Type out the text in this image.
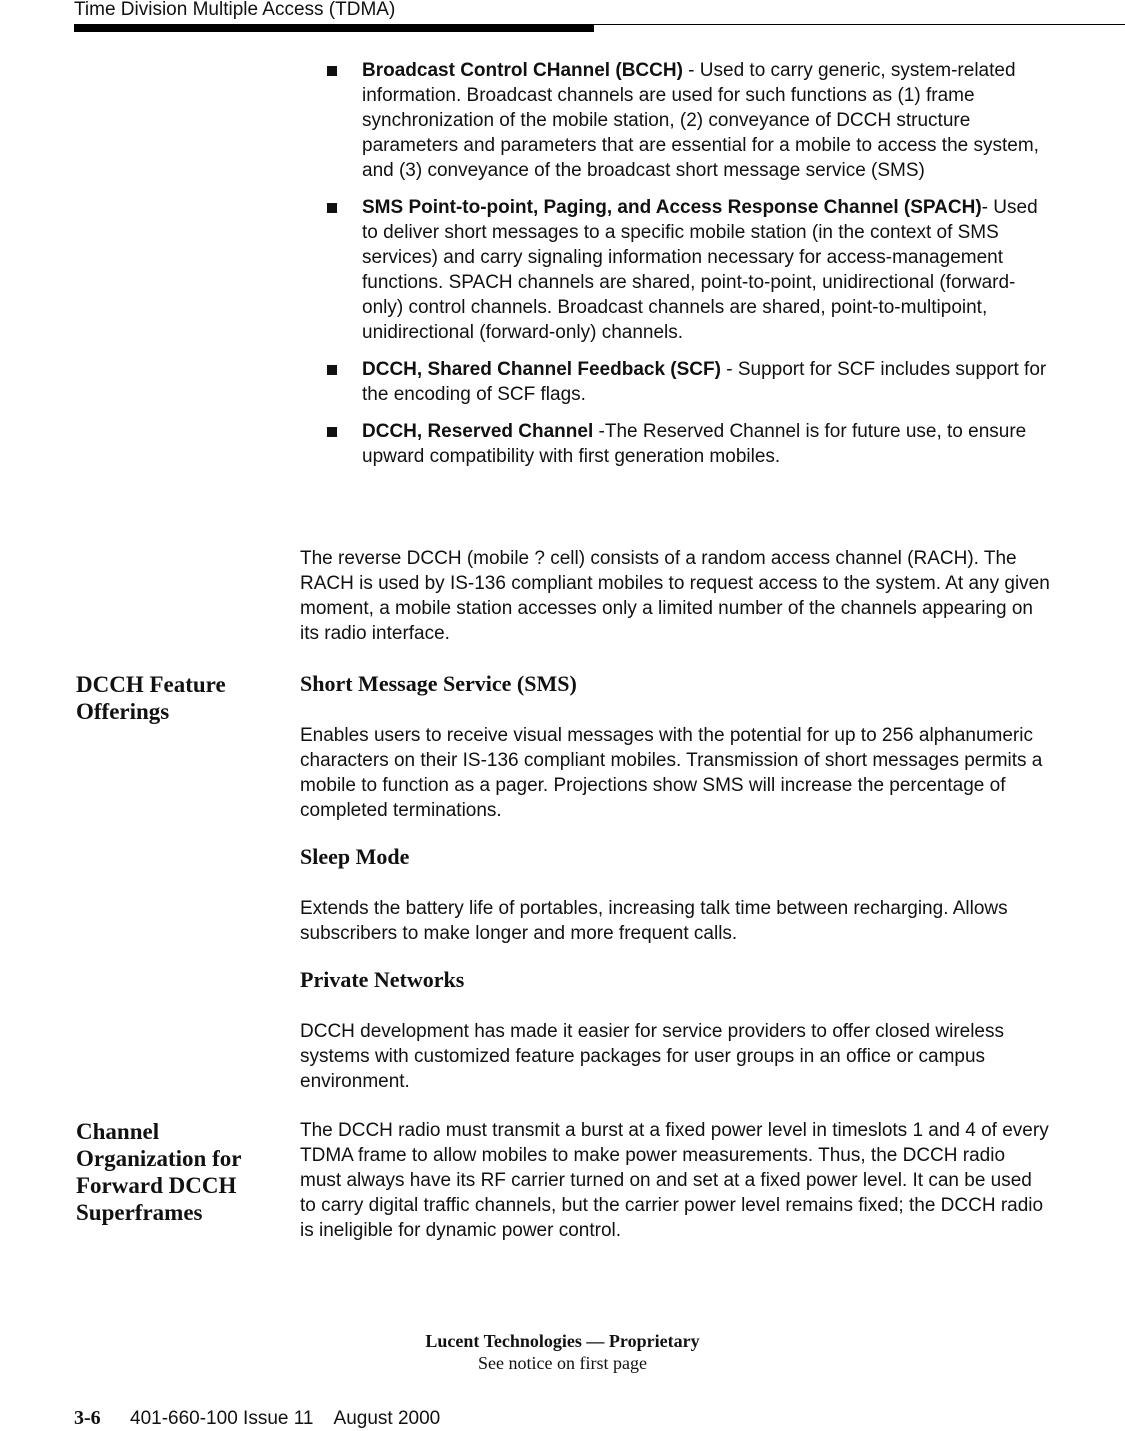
Time Division Multiple Access (TDMA)
Broadcast Control CHannel (BCCH) - Used to carry generic, system-related information. Broadcast channels are used for such functions as (1) frame synchronization of the mobile station, (2) conveyance of DCCH structure parameters and parameters that are essential for a mobile to access the system, and (3) conveyance of the broadcast short message service (SMS)
SMS Point-to-point, Paging, and Access Response Channel (SPACH)- Used to deliver short messages to a specific mobile station (in the context of SMS services) and carry signaling information necessary for access-management functions. SPACH channels are shared, point-to-point, unidirectional (forward-only) control channels. Broadcast channels are shared, point-to-multipoint, unidirectional (forward-only) channels.
DCCH, Shared Channel Feedback (SCF) - Support for SCF includes support for the encoding of SCF flags.
DCCH, Reserved Channel -The Reserved Channel is for future use, to ensure upward compatibility with first generation mobiles.
The reverse DCCH (mobile ? cell) consists of a random access channel (RACH). The RACH is used by IS-136 compliant mobiles to request access to the system. At any given moment, a mobile station accesses only a limited number of the channels appearing on its radio interface.
DCCH Feature Offerings
Short Message Service (SMS)
Enables users to receive visual messages with the potential for up to 256 alphanumeric characters on their IS-136 compliant mobiles. Transmission of short messages permits a mobile to function as a pager. Projections show SMS will increase the percentage of completed terminations.
Sleep Mode
Extends the battery life of portables, increasing talk time between recharging. Allows subscribers to make longer and more frequent calls.
Private Networks
DCCH development has made it easier for service providers to offer closed wireless systems with customized feature packages for user groups in an office or campus environment.
Channel Organization for Forward DCCH Superframes
The DCCH radio must transmit a burst at a fixed power level in timeslots 1 and 4 of every TDMA frame to allow mobiles to make power measurements. Thus, the DCCH radio must always have its RF carrier turned on and set at a fixed power level. It can be used to carry digital traffic channels, but the carrier power level remains fixed; the DCCH radio is ineligible for dynamic power control.
Lucent Technologies — Proprietary
See notice on first page
3-6 401-660-100 Issue 11    August 2000
